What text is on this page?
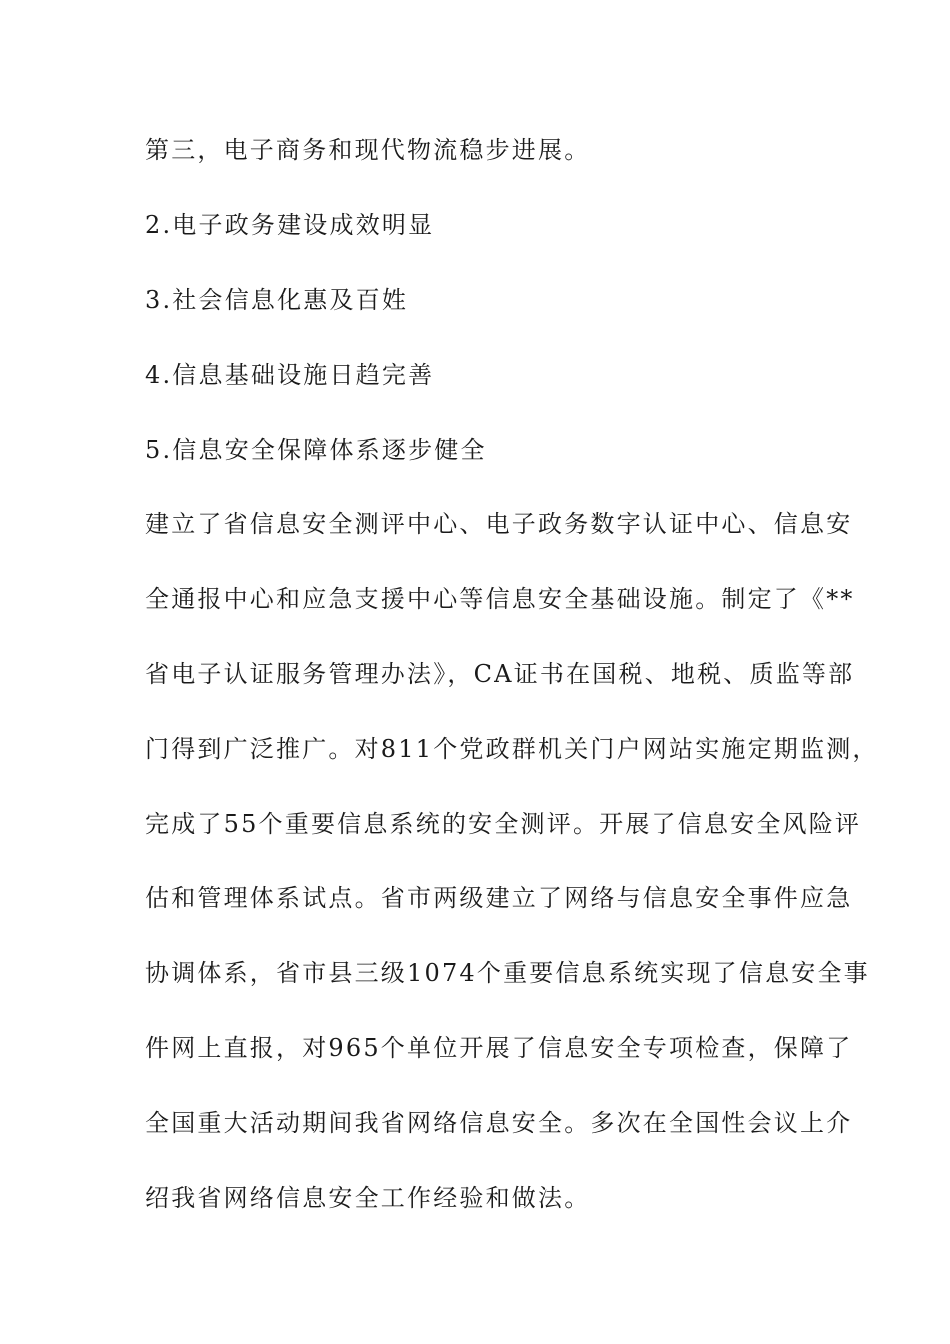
第三，电子商务和现代物流稳步进展。
2.电子政务建设成效明显
3.社会信息化惠及百姓
4.信息基础设施日趋完善
5.信息安全保障体系逐步健全
建立了省信息安全测评中心、电子政务数字认证中心、信息安
全通报中心和应急支援中心等信息安全基础设施。制定了《**
省电子认证服务管理办法》，CA证书在国税、地税、质监等部
门得到广泛推广。对811个党政群机关门户网站实施定期监测，
完成了55个重要信息系统的安全测评。开展了信息安全风险评
估和管理体系试点。省市两级建立了网络与信息安全事件应急
协调体系，省市县三级1074个重要信息系统实现了信息安全事
件网上直报，对965个单位开展了信息安全专项检查，保障了
全国重大活动期间我省网络信息安全。多次在全国性会议上介
绍我省网络信息安全工作经验和做法。
